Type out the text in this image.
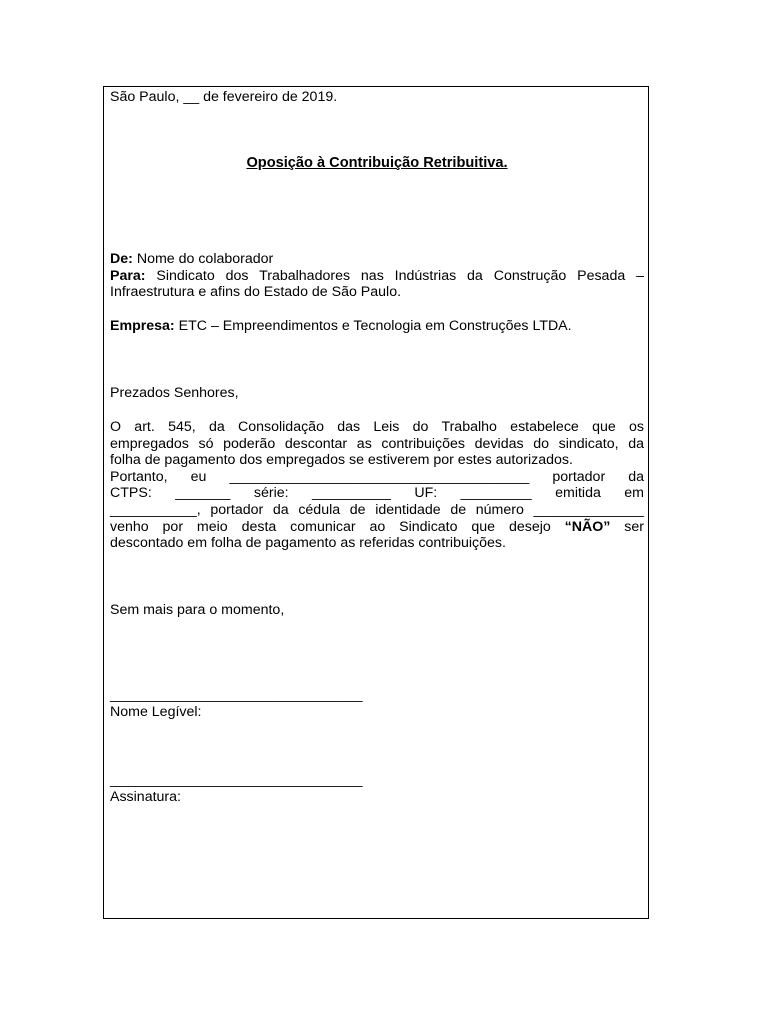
São Paulo, __ de fevereiro de 2019.
Oposição à Contribuição Retribuitiva.
De: Nome do colaborador
Para: Sindicato dos Trabalhadores nas Indústrias da Construção Pesada –
Infraestrutura e afins do Estado de São Paulo.
Empresa: ETC – Empreendimentos e Tecnologia em Construções LTDA.
Prezados Senhores,
O art. 545, da Consolidação das Leis do Trabalho estabelece que os
empregados só poderão descontar as contribuições devidas do sindicato, da
folha de pagamento dos empregados se estiverem por estes autorizados.
Portanto, eu ______________________________________ portador da
CTPS: _______ série: __________ UF: _________ emitida em
___________, portador da cédula de identidade de número ______________
venho por meio desta comunicar ao Sindicato que desejo “NÃO” ser
descontado em folha de pagamento as referidas contribuições.
Sem mais para o momento,
________________________________
Nome Legível:
________________________________
Assinatura:
